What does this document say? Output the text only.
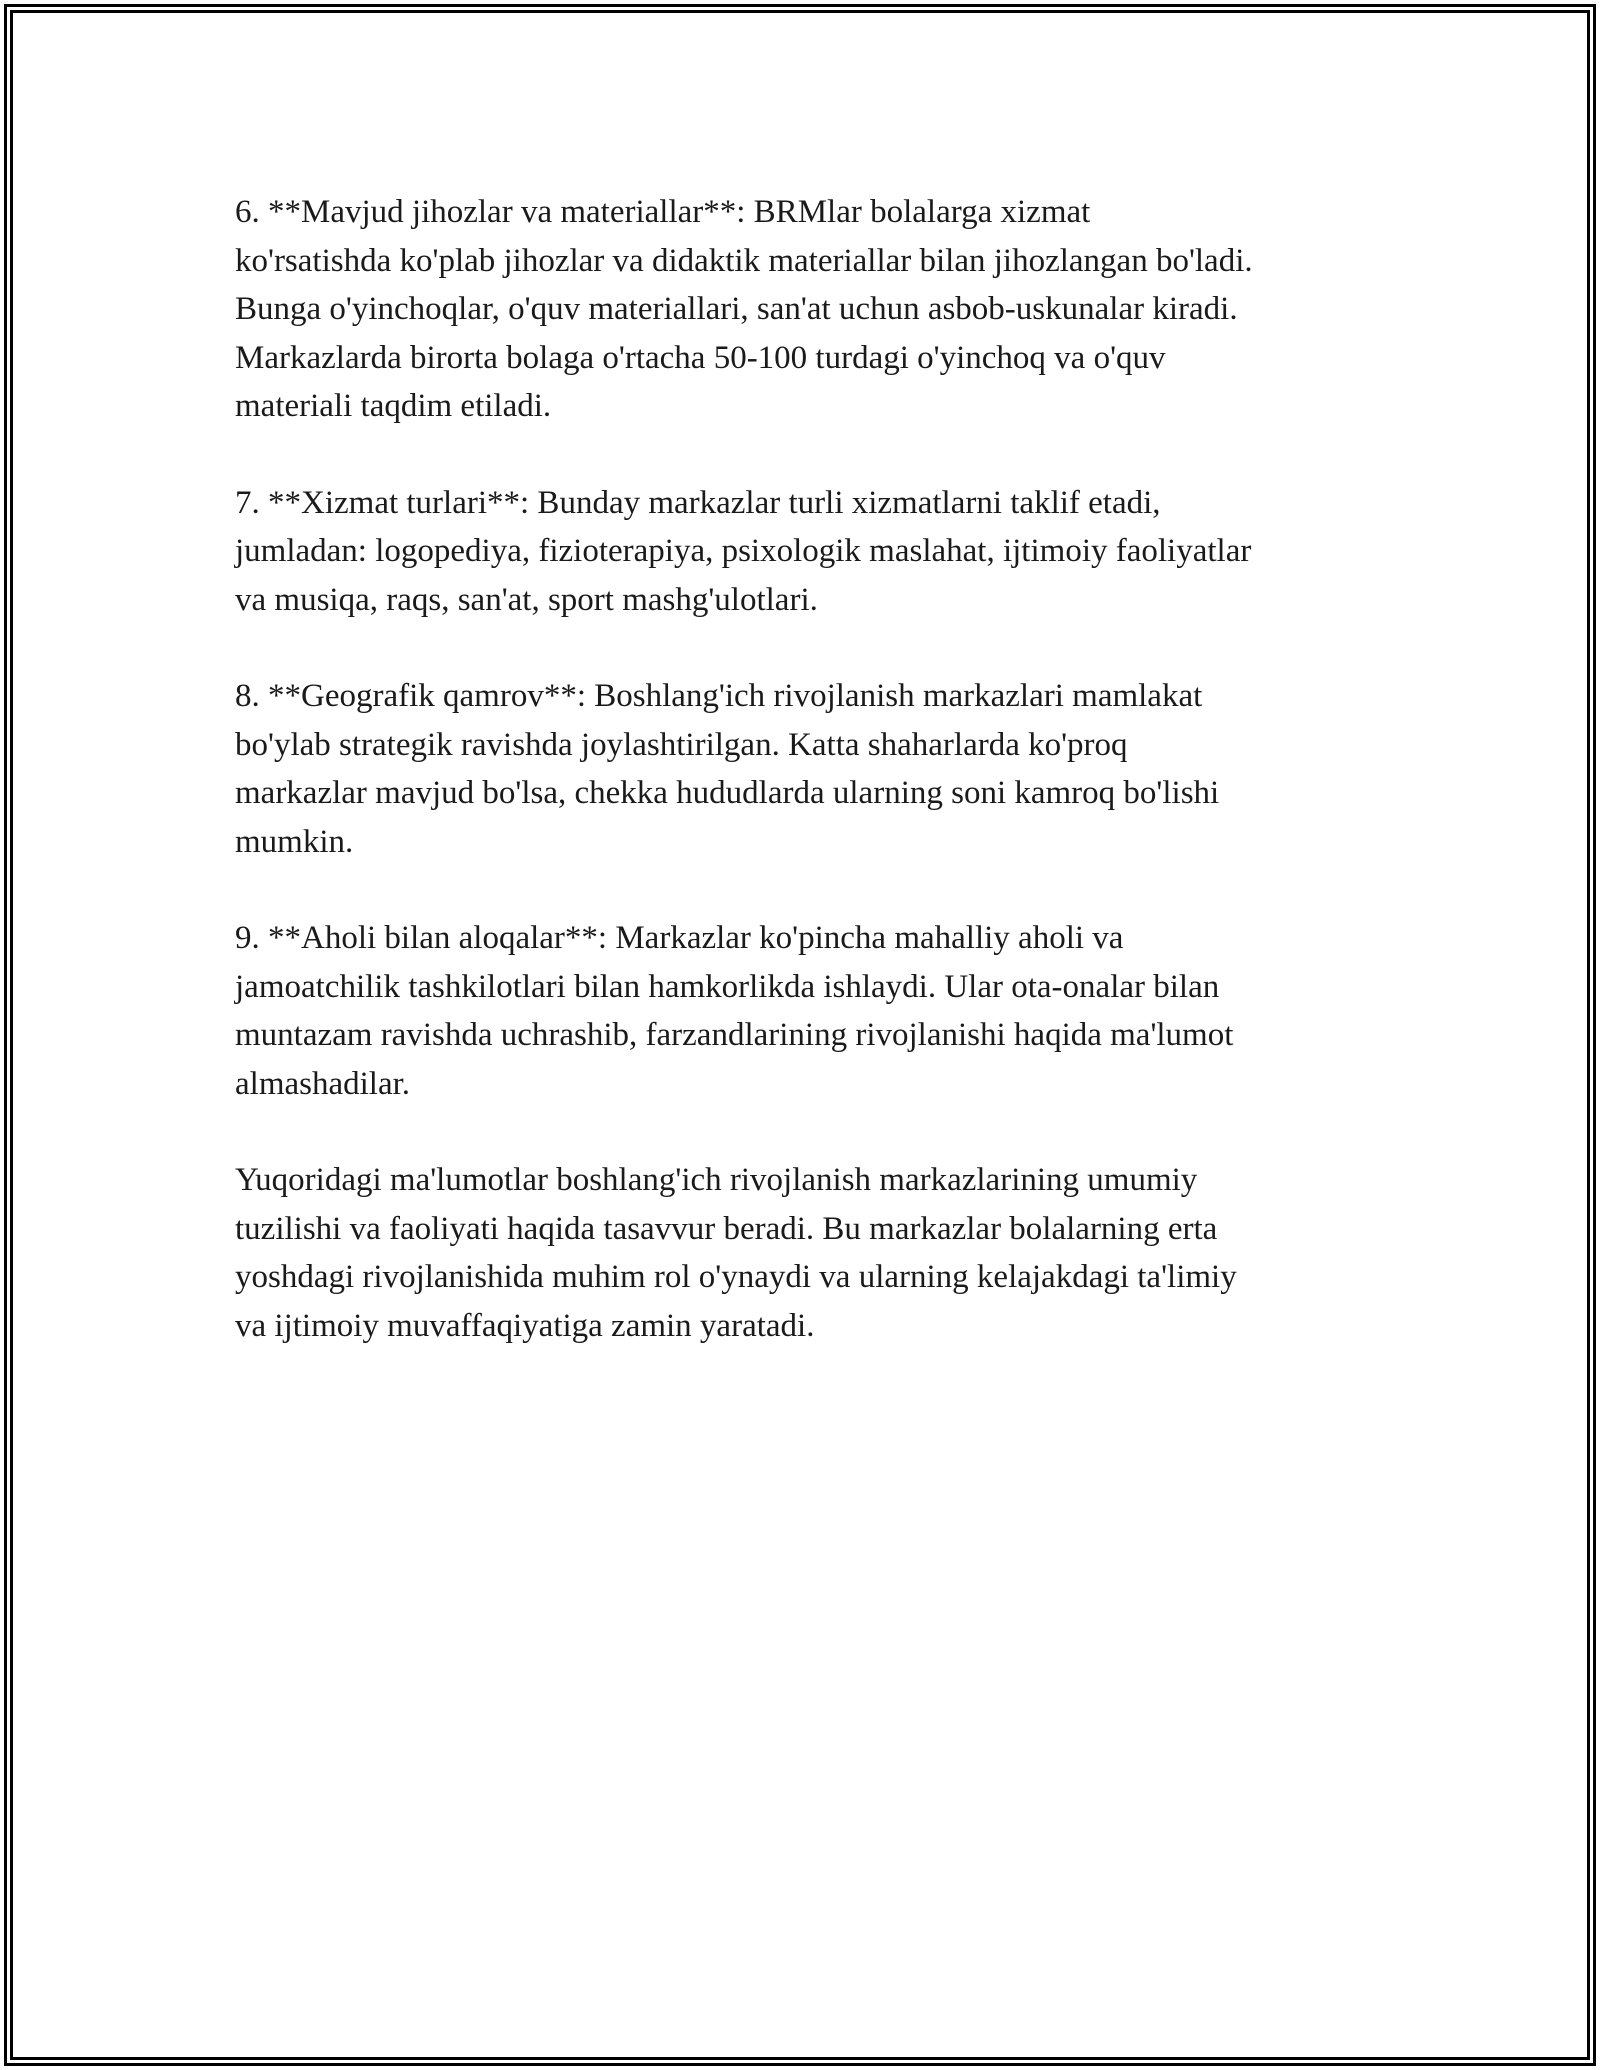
6. **Mavjud jihozlar va materiallar**: BRMlar bolalarga xizmat
ko'rsatishda ko'plab jihozlar va didaktik materiallar bilan jihozlangan bo'ladi.
Bunga o'yinchoqlar, o'quv materiallari, san'at uchun asbob-uskunalar kiradi.
Markazlarda birorta bolaga o'rtacha 50-100 turdagi o'yinchoq va o'quv
materiali taqdim etiladi.

7. **Xizmat turlari**: Bunday markazlar turli xizmatlarni taklif etadi,
jumladan: logopediya, fizioterapiya, psixologik maslahat, ijtimoiy faoliyatlar
va musiqa, raqs, san'at, sport mashg'ulotlari.

8. **Geografik qamrov**: Boshlang'ich rivojlanish markazlari mamlakat
bo'ylab strategik ravishda joylashtirilgan. Katta shaharlarda ko'proq
markazlar mavjud bo'lsa, chekka hududlarda ularning soni kamroq bo'lishi
mumkin.

9. **Aholi bilan aloqalar**: Markazlar ko'pincha mahalliy aholi va
jamoatchilik tashkilotlari bilan hamkorlikda ishlaydi. Ular ota-onalar bilan
muntazam ravishda uchrashib, farzandlarining rivojlanishi haqida ma'lumot
almashadilar.

Yuqoridagi ma'lumotlar boshlang'ich rivojlanish markazlarining umumiy
tuzilishi va faoliyati haqida tasavvur beradi. Bu markazlar bolalarning erta
yoshdagi rivojlanishida muhim rol o'ynaydi va ularning kelajakdagi ta'limiy
va ijtimoiy muvaffaqiyatiga zamin yaratadi.
